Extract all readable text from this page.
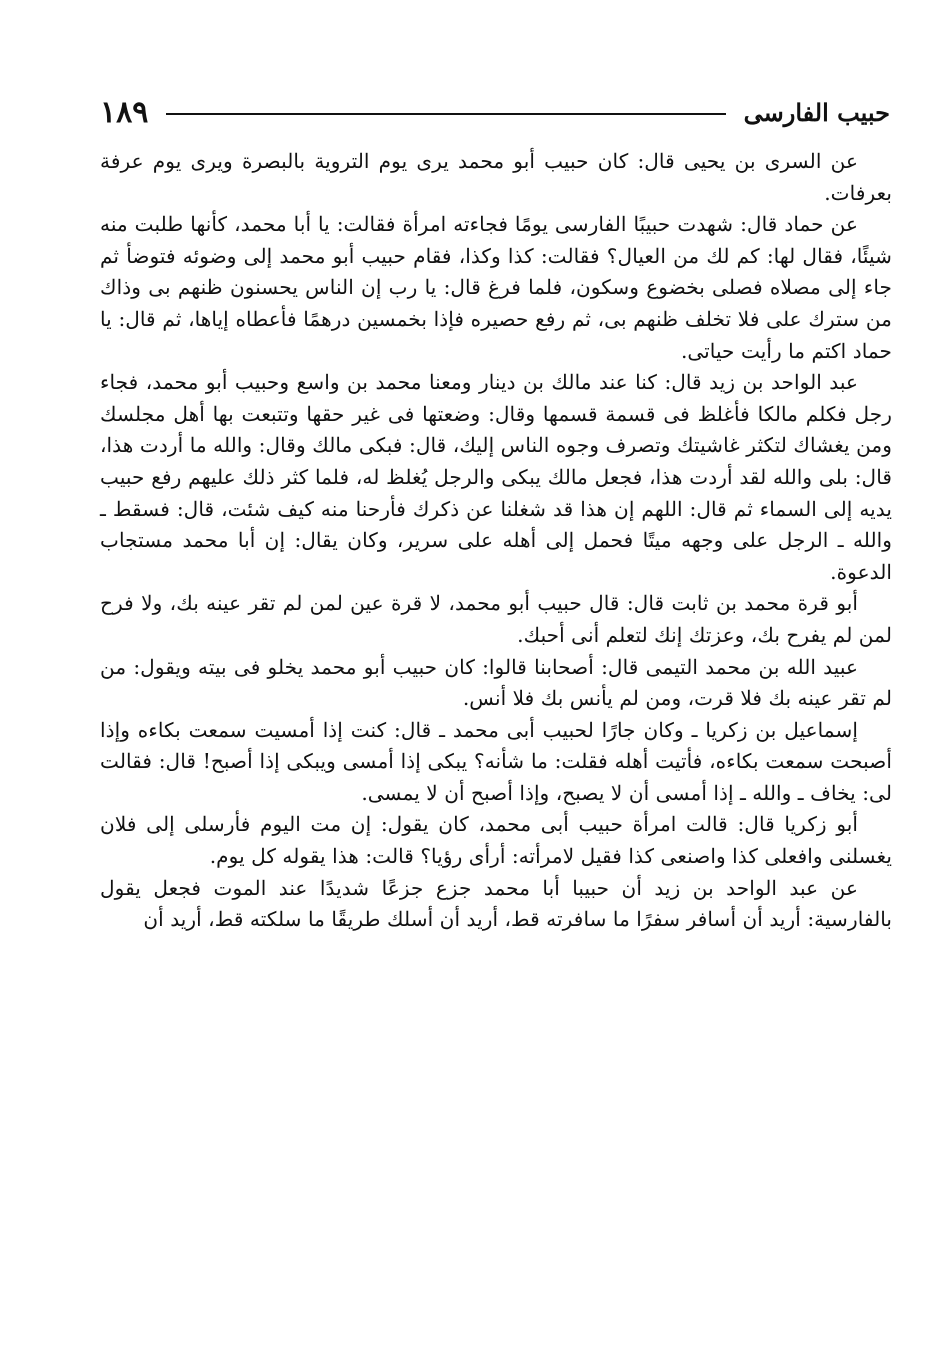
حبيب الفارسى
١٨٩

عن السرى بن يحيى قال: كان حبيب أبو محمد يرى يوم التروية بالبصرة ويرى يوم عرفة بعرفات.

عن حماد قال: شهدت حبيبًا الفارسى يومًا فجاءته امرأة فقالت: يا أبا محمد، كأنها طلبت منه شيئًا، فقال لها: كم لك من العيال؟ فقالت: كذا وكذا، فقام حبيب أبو محمد إلى وضوئه فتوضأ ثم جاء إلى مصلاه فصلى بخضوع وسكون، فلما فرغ قال: يا رب إن الناس يحسنون ظنهم بى وذاك من سترك على فلا تخلف ظنهم بى، ثم رفع حصيره فإذا بخمسين درهمًا فأعطاه إياها، ثم قال: يا حماد اكتم ما رأيت حياتى.

عبد الواحد بن زيد قال: كنا عند مالك بن دينار ومعنا محمد بن واسع وحبيب أبو محمد، فجاء رجل فكلم مالكا فأغلظ فى قسمة قسمها وقال: وضعتها فى غير حقها وتتبعت بها أهل مجلسك ومن يغشاك لتكثر غاشيتك وتصرف وجوه الناس إليك، قال: فبكى مالك وقال: والله ما أردت هذا، قال: بلى والله لقد أردت هذا، فجعل مالك يبكى والرجل يُغلظ له، فلما كثر ذلك عليهم رفع حبيب يديه إلى السماء ثم قال: اللهم إن هذا قد شغلنا عن ذكرك فأرحنا منه كيف شئت، قال: فسقط ـ والله ـ الرجل على وجهه ميتًا فحمل إلى أهله على سرير، وكان يقال: إن أبا محمد مستجاب الدعوة.

أبو قرة محمد بن ثابت قال: قال حبيب أبو محمد، لا قرة عين لمن لم تقر عينه بك، ولا فرح لمن لم يفرح بك، وعزتك إنك لتعلم أنى أحبك.

عبيد الله بن محمد التيمى قال: أصحابنا قالوا: كان حبيب أبو محمد يخلو فى بيته ويقول: من لم تقر عينه بك فلا قرت، ومن لم يأنس بك فلا أنس.

إسماعيل بن زكريا ـ وكان جارًا لحبيب أبى محمد ـ قال: كنت إذا أمسيت سمعت بكاءه وإذا أصبحت سمعت بكاءه، فأتيت أهله فقلت: ما شأنه؟ يبكى إذا أمسى ويبكى إذا أصبح! قال: فقالت لى: يخاف ـ والله ـ إذا أمسى أن لا يصبح، وإذا أصبح أن لا يمسى.

أبو زكريا قال: قالت امرأة حبيب أبى محمد، كان يقول: إن مت اليوم فأرسلى إلى فلان يغسلنى وافعلى كذا واصنعى كذا فقيل لامرأته: أرأى رؤيا؟ قالت: هذا يقوله كل يوم.

عن عبد الواحد بن زيد أن حبيبا أبا محمد جزع جزعًا شديدًا عند الموت فجعل يقول بالفارسية: أريد أن أسافر سفرًا ما سافرته قط، أريد أن أسلك طريقًا ما سلكته قط، أريد أن
